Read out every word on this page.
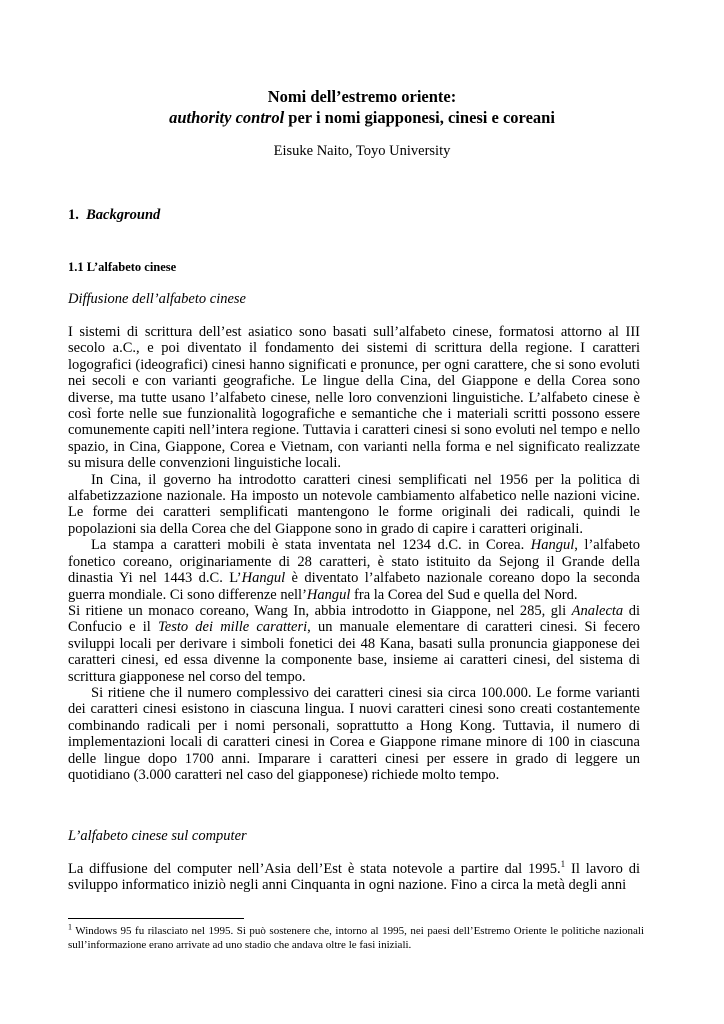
Nomi dell’estremo oriente:
authority control per i nomi giapponesi, cinesi e coreani
Eisuke Naito, Toyo University
1. Background
1.1 L’alfabeto cinese
Diffusione dell’alfabeto cinese

I sistemi di scrittura dell’est asiatico sono basati sull’alfabeto cinese, formatosi attorno al III secolo a.C., e poi diventato il fondamento dei sistemi di scrittura della regione. I caratteri logografici (ideografici) cinesi hanno significati e pronunce, per ogni carattere, che si sono evoluti nei secoli e con varianti geografiche. Le lingue della Cina, del Giappone e della Corea sono diverse, ma tutte usano l’alfabeto cinese, nelle loro convenzioni linguistiche. L’alfabeto cinese è così forte nelle sue funzionalità logografiche e semantiche che i materiali scritti possono essere comunemente capiti nell’intera regione. Tuttavia i caratteri cinesi si sono evoluti nel tempo e nello spazio, in Cina, Giappone, Corea e Vietnam, con varianti nella forma e nel significato realizzate su misura delle convenzioni linguistiche locali.

In Cina, il governo ha introdotto caratteri cinesi semplificati nel 1956 per la politica di alfabetizzazione nazionale. Ha imposto un notevole cambiamento alfabetico nelle nazioni vicine. Le forme dei caratteri semplificati mantengono le forme originali dei radicali, quindi le popolazioni sia della Corea che del Giappone sono in grado di capire i caratteri originali.

La stampa a caratteri mobili è stata inventata nel 1234 d.C. in Corea. Hangul, l’alfabeto fonetico coreano, originariamente di 28 caratteri, è stato istituito da Sejong il Grande della dinastia Yi nel 1443 d.C. L’Hangul è diventato l’alfabeto nazionale coreano dopo la seconda guerra mondiale. Ci sono differenze nell’Hangul fra la Corea del Sud e quella del Nord.

Si ritiene un monaco coreano, Wang In, abbia introdotto in Giappone, nel 285, gli Analecta di Confucio e il Testo dei mille caratteri, un manuale elementare di caratteri cinesi. Si fecero sviluppi locali per derivare i simboli fonetici dei 48 Kana, basati sulla pronuncia giapponese dei caratteri cinesi, ed essa divenne la componente base, insieme ai caratteri cinesi, del sistema di scrittura giapponese nel corso del tempo.

Si ritiene che il numero complessivo dei caratteri cinesi sia circa 100.000. Le forme varianti dei caratteri cinesi esistono in ciascuna lingua. I nuovi caratteri cinesi sono creati costantemente combinando radicali per i nomi personali, soprattutto a Hong Kong. Tuttavia, il numero di implementazioni locali di caratteri cinesi in Corea e Giappone rimane minore di 100 in ciascuna delle lingue dopo 1700 anni. Imparare i caratteri cinesi per essere in grado di leggere un quotidiano (3.000 caratteri nel caso del giapponese) richiede molto tempo.

L’alfabeto cinese sul computer

La diffusione del computer nell’Asia dell’Est è stata notevole a partire dal 1995.$^1$ Il lavoro di sviluppo informatico iniziò negli anni Cinquanta in ogni nazione. Fino a circa la metà degli anni

$^1$ Windows 95 fu rilasciato nel 1995. Si può sostenere che, intorno al 1995, nei paesi dell’Estremo Oriente le politiche nazionali sull’informazione erano arrivate ad uno stadio che andava oltre le fasi iniziali.
